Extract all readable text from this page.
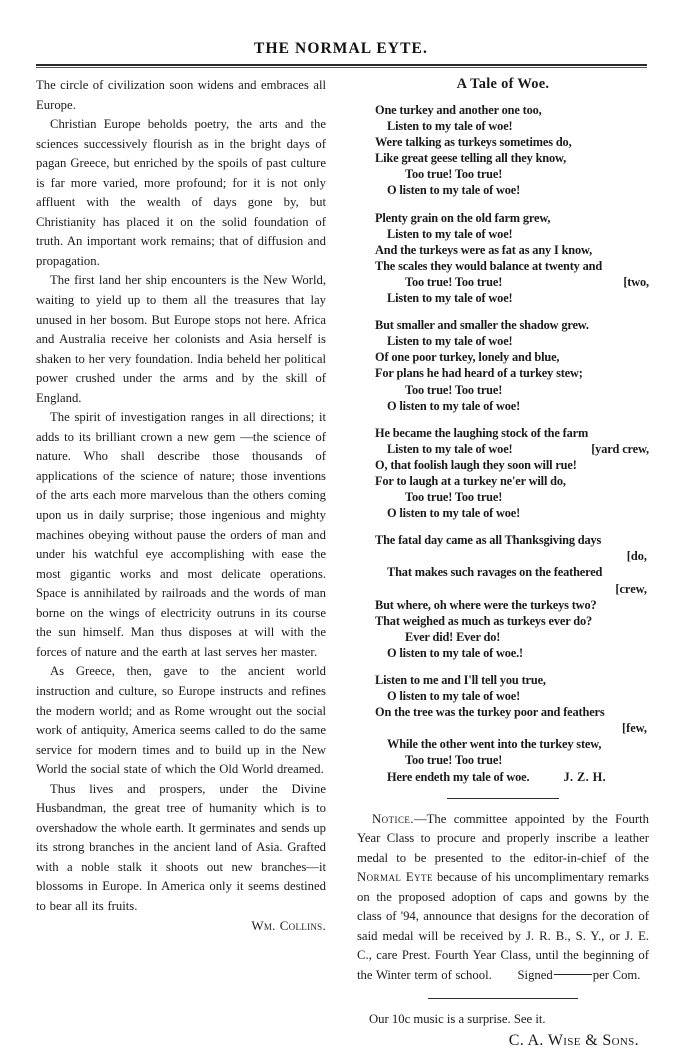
THE NORMAL EYTE.

The circle of civilization soon widens and embraces all Europe.

Christian Europe beholds poetry, the arts and the sciences successively flourish as in the bright days of pagan Greece, but enriched by the spoils of past culture is far more varied, more profound; for it is not only affluent with the wealth of days gone by, but Christianity has placed it on the solid foundation of truth. An important work remains; that of diffusion and propagation.

The first land her ship encounters is the New World, waiting to yield up to them all the treasures that lay unused in her bosom. But Europe stops not here. Africa and Australia receive her colonists and Asia herself is shaken to her very foundation. India beheld her political power crushed under the arms and by the skill of England.

The spirit of investigation ranges in all directions; it adds to its brilliant crown a new gem —the science of nature. Who shall describe those thousands of applications of the science of nature; those inventions of the arts each more marvelous than the others coming upon us in daily surprise; those ingenious and mighty machines obeying without pause the orders of man and under his watchful eye accomplishing with ease the most gigantic works and most delicate operations. Space is annihilated by railroads and the words of man borne on the wings of electricity outruns in its course the sun himself. Man thus disposes at will with the forces of nature and the earth at last serves her master.

As Greece, then, gave to the ancient world instruction and culture, so Europe instructs and refines the modern world; and as Rome wrought out the social work of antiquity, America seems called to do the same service for modern times and to build up in the New World the social state of which the Old World dreamed.

Thus lives and prospers, under the Divine Husbandman, the great tree of humanity which is to overshadow the whole earth. It germinates and sends up its strong branches in the ancient land of Asia. Grafted with a noble stalk it shoots out new branches—it blossoms in Europe. In America only it seems destined to bear all its fruits.
Wm. Collins.

A Tale of Woe.
One turkey and another one too,
Listen to my tale of woe!
Were talking as turkeys sometimes do,
Like great geese telling all they know,
Too true! Too true!
O listen to my tale of woe!
Plenty grain on the old farm grew,
Listen to my tale of woe!
And the turkeys were as fat as any I know,
The scales they would balance at twenty and
Too true! Too true!	[two,
Listen to my tale of woe!
But smaller and smaller the shadow grew.
Listen to my tale of woe!
Of one poor turkey, lonely and blue,
For plans he had heard of a turkey stew;
Too true! Too true!
O listen to my tale of woe!
He became the laughing stock of the farm
Listen to my tale of woe!	[yard crew,
O, that foolish laugh they soon will rue!
For to laugh at a turkey ne'er will do,
Too true! Too true!
O listen to my tale of woe!
The fatal day came as all Thanksgiving days
[do,
That makes such ravages on the feathered
[crew,
But where, oh where were the turkeys two?
That weighed as much as turkeys ever do?
Ever did! Ever do!
O listen to my tale of woe.!
Listen to me and I'll tell you true,
O listen to my tale of woe!
On the tree was the turkey poor and feathers
[few,
While the other went into the turkey stew,
Too true! Too true!
Here endeth my tale of woe.	J. Z. H.

Notice.—The committee appointed by the Fourth Year Class to procure and properly inscribe a leather medal to be presented to the editor-in-chief of the Normal Eyte because of his uncomplimentary remarks on the proposed adoption of caps and gowns by the class of '94, announce that designs for the decoration of said medal will be received by J. R. B., S. Y., or J. E. C., care Prest. Fourth Year Class, until the beginning of the Winter term of school. Signed	per Com.

Our 10c music is a surprise. See it.

C. A. Wise & Sons.
